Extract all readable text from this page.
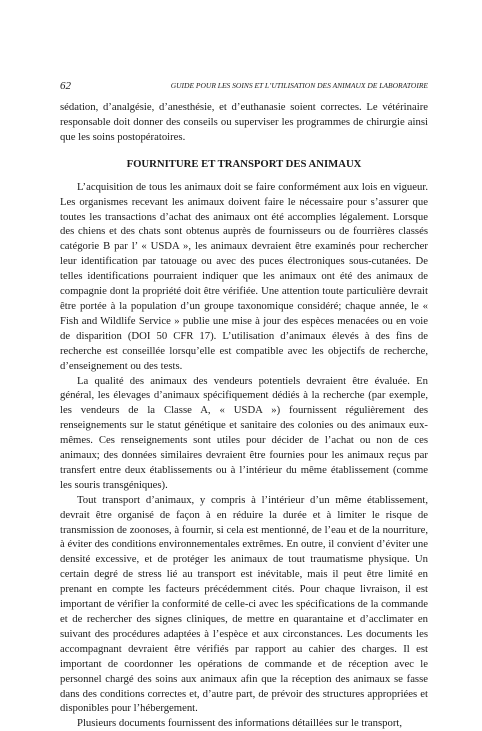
62	GUIDE POUR LES SOINS ET L’UTILISATION DES ANIMAUX DE LABORATOIRE

sédation, d’analgésie, d’anesthésie, et d’euthanasie soient correctes. Le vétérinaire responsable doit donner des conseils ou superviser les programmes de chirurgie ainsi que les soins postopératoires.

FOURNITURE ET TRANSPORT DES ANIMAUX

L’acquisition de tous les animaux doit se faire conformément aux lois en vigueur. Les organismes recevant les animaux doivent faire le nécessaire pour s’assurer que toutes les transactions d’achat des animaux ont été accomplies légalement. Lorsque des chiens et des chats sont obtenus auprès de fournisseurs ou de fourrières classés catégorie B par l’ « USDA », les animaux devraient être examinés pour rechercher leur identification par tatouage ou avec des puces électroniques sous-cutanées. De telles identifications pourraient indiquer que les animaux ont été des animaux de compagnie dont la propriété doit être vérifiée. Une attention toute particulière devrait être portée à la population d’un groupe taxonomique considéré; chaque année, le « Fish and Wildlife Service » publie une mise à jour des espèces menacées ou en voie de disparition (DOI 50 CFR 17). L’utilisation d’animaux élevés à des fins de recherche est conseillée lorsqu’elle est compatible avec les objectifs de recherche, d’enseignement ou des tests.

La qualité des animaux des vendeurs potentiels devraient être évaluée. En général, les élevages d’animaux spécifiquement dédiés à la recherche (par exemple, les vendeurs de la Classe A, « USDA ») fournissent régulièrement des renseignements sur le statut génétique et sanitaire des colonies ou des animaux eux-mêmes. Ces renseignements sont utiles pour décider de l’achat ou non de ces animaux; des données similaires devraient être fournies pour les animaux reçus par transfert entre deux établissements ou à l’intérieur du même établissement (comme les souris transgéniques).

Tout transport d’animaux, y compris à l’intérieur d’un même établissement, devrait être organisé de façon à en réduire la durée et à limiter le risque de transmission de zoonoses, à fournir, si cela est mentionné, de l’eau et de la nourriture, à éviter des conditions environnementales extrêmes. En outre, il convient d’éviter une densité excessive, et de protéger les animaux de tout traumatisme physique. Un certain degré de stress lié au transport est inévitable, mais il peut être limité en prenant en compte les facteurs précédemment cités. Pour chaque livraison, il est important de vérifier la conformité de celle-ci avec les spécifications de la commande et de rechercher des signes cliniques, de mettre en quarantaine et d’acclimater en suivant des procédures adaptées à l’espèce et aux circonstances. Les documents les accompagnant devraient être vérifiés par rapport au cahier des charges. Il est important de coordonner les opérations de commande et de réception avec le personnel chargé des soins aux animaux afin que la réception des animaux se fasse dans des conditions correctes et, d’autre part, de prévoir des structures appropriées et disponibles pour l’hébergement.

Plusieurs documents fournissent des informations détaillées sur le transport,
